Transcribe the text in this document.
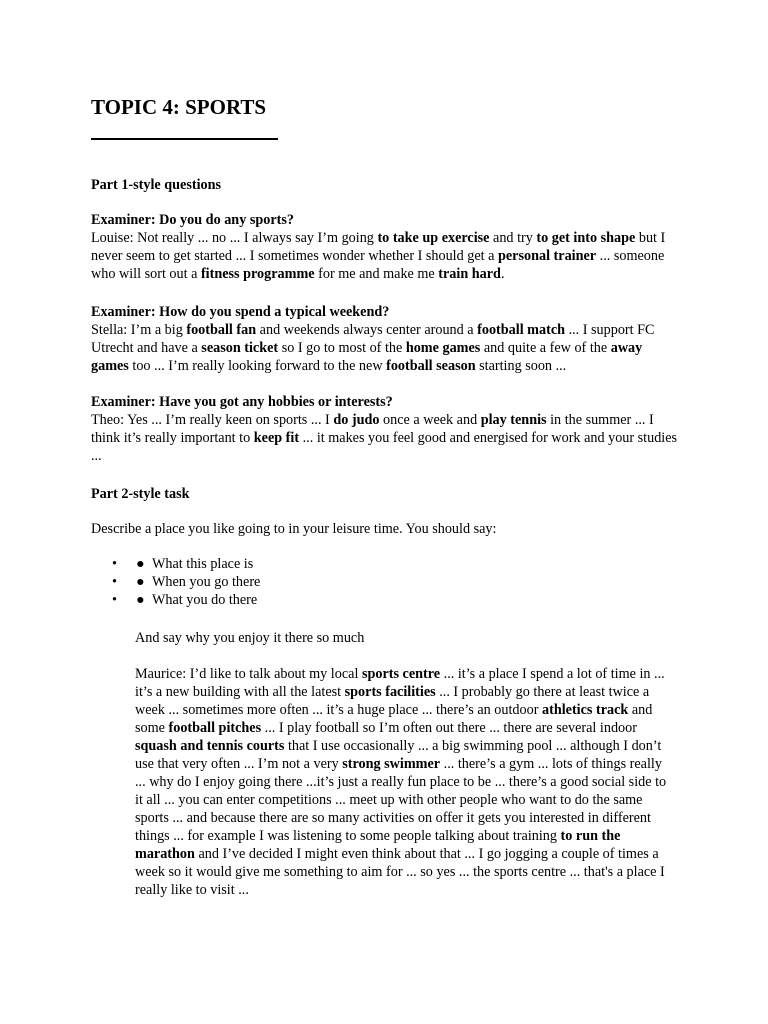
TOPIC 4: SPORTS

Part 1-style questions

Examiner: Do you do any sports?
Louise: Not really ... no ... I always say I’m going to take up exercise and try to get into shape but I never seem to get started ... I sometimes wonder whether I should get a personal trainer ... someone who will sort out a fitness programme for me and make me train hard.
Examiner: How do you spend a typical weekend?
Stella: I’m a big football fan and weekends always center around a football match ... I support FC Utrecht and have a season ticket so I go to most of the home games and quite a few of the away games too ... I’m really looking forward to the new football season starting soon ...
Examiner: Have you got any hobbies or interests?
Theo: Yes ... I’m really keen on sports ... I do judo once a week and play tennis in the summer ... I think it’s really important to keep fit ... it makes you feel good and energised for work and your studies ...

Part 2-style task

Describe a place you like going to in your leisure time. You should say:

• ● What this place is
• ● When you go there
• ● What you do there

And say why you enjoy it there so much

Maurice: I’d like to talk about my local sports centre ... it’s a place I spend a lot of time in ... it’s a new building with all the latest sports facilities ... I probably go there at least twice a week ... sometimes more often ... it’s a huge place ... there’s an outdoor athletics track and some football pitches ... I play football so I’m often out there ... there are several indoor squash and tennis courts that I use occasionally ... a big swimming pool ... although I don’t use that very often ... I’m not a very strong swimmer ... there’s a gym ... lots of things really ... why do I enjoy going there ...it’s just a really fun place to be ... there’s a good social side to it all ... you can enter competitions ... meet up with other people who want to do the same sports ... and because there are so many activities on offer it gets you interested in different things ... for example I was listening to some people talking about training to run the marathon and I’ve decided I might even think about that ... I go jogging a couple of times a week so it would give me something to aim for ... so yes ... the sports centre ... that's a place I really like to visit ...
